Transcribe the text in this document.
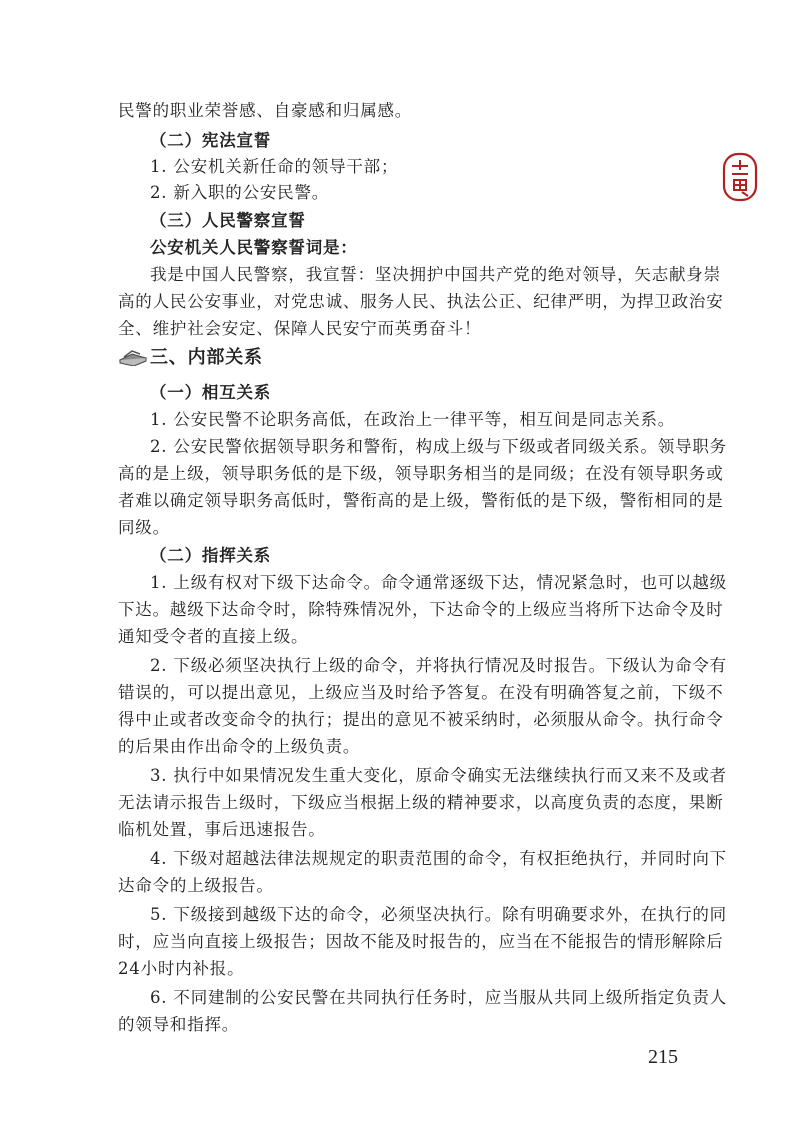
民警的职业荣誉感、自豪感和归属感。
（二）宪法宣誓
1. 公安机关新任命的领导干部；
2. 新入职的公安民警。
（三）人民警察宣誓
公安机关人民警察誓词是：
我是中国人民警察，我宣誓：坚决拥护中国共产党的绝对领导，矢志献身崇
高的人民公安事业，对党忠诚、服务人民、执法公正、纪律严明，为捍卫政治安
全、维护社会安定、保障人民安宁而英勇奋斗！
三、内部关系
（一）相互关系
1. 公安民警不论职务高低，在政治上一律平等，相互间是同志关系。
2. 公安民警依据领导职务和警衔，构成上级与下级或者同级关系。领导职务
高的是上级，领导职务低的是下级，领导职务相当的是同级；在没有领导职务或
者难以确定领导职务高低时，警衔高的是上级，警衔低的是下级，警衔相同的是
同级。
（二）指挥关系
1. 上级有权对下级下达命令。命令通常逐级下达，情况紧急时，也可以越级
下达。越级下达命令时，除特殊情况外，下达命令的上级应当将所下达命令及时
通知受令者的直接上级。
2. 下级必须坚决执行上级的命令，并将执行情况及时报告。下级认为命令有
错误的，可以提出意见，上级应当及时给予答复。在没有明确答复之前，下级不
得中止或者改变命令的执行；提出的意见不被采纳时，必须服从命令。执行命令
的后果由作出命令的上级负责。
3. 执行中如果情况发生重大变化，原命令确实无法继续执行而又来不及或者
无法请示报告上级时，下级应当根据上级的精神要求，以高度负责的态度，果断
临机处置，事后迅速报告。
4. 下级对超越法律法规规定的职责范围的命令，有权拒绝执行，并同时向下
达命令的上级报告。
5. 下级接到越级下达的命令，必须坚决执行。除有明确要求外，在执行的同
时，应当向直接上级报告；因故不能及时报告的，应当在不能报告的情形解除后
24小时内补报。
6. 不同建制的公安民警在共同执行任务时，应当服从共同上级所指定负责人
的领导和指挥。
215
